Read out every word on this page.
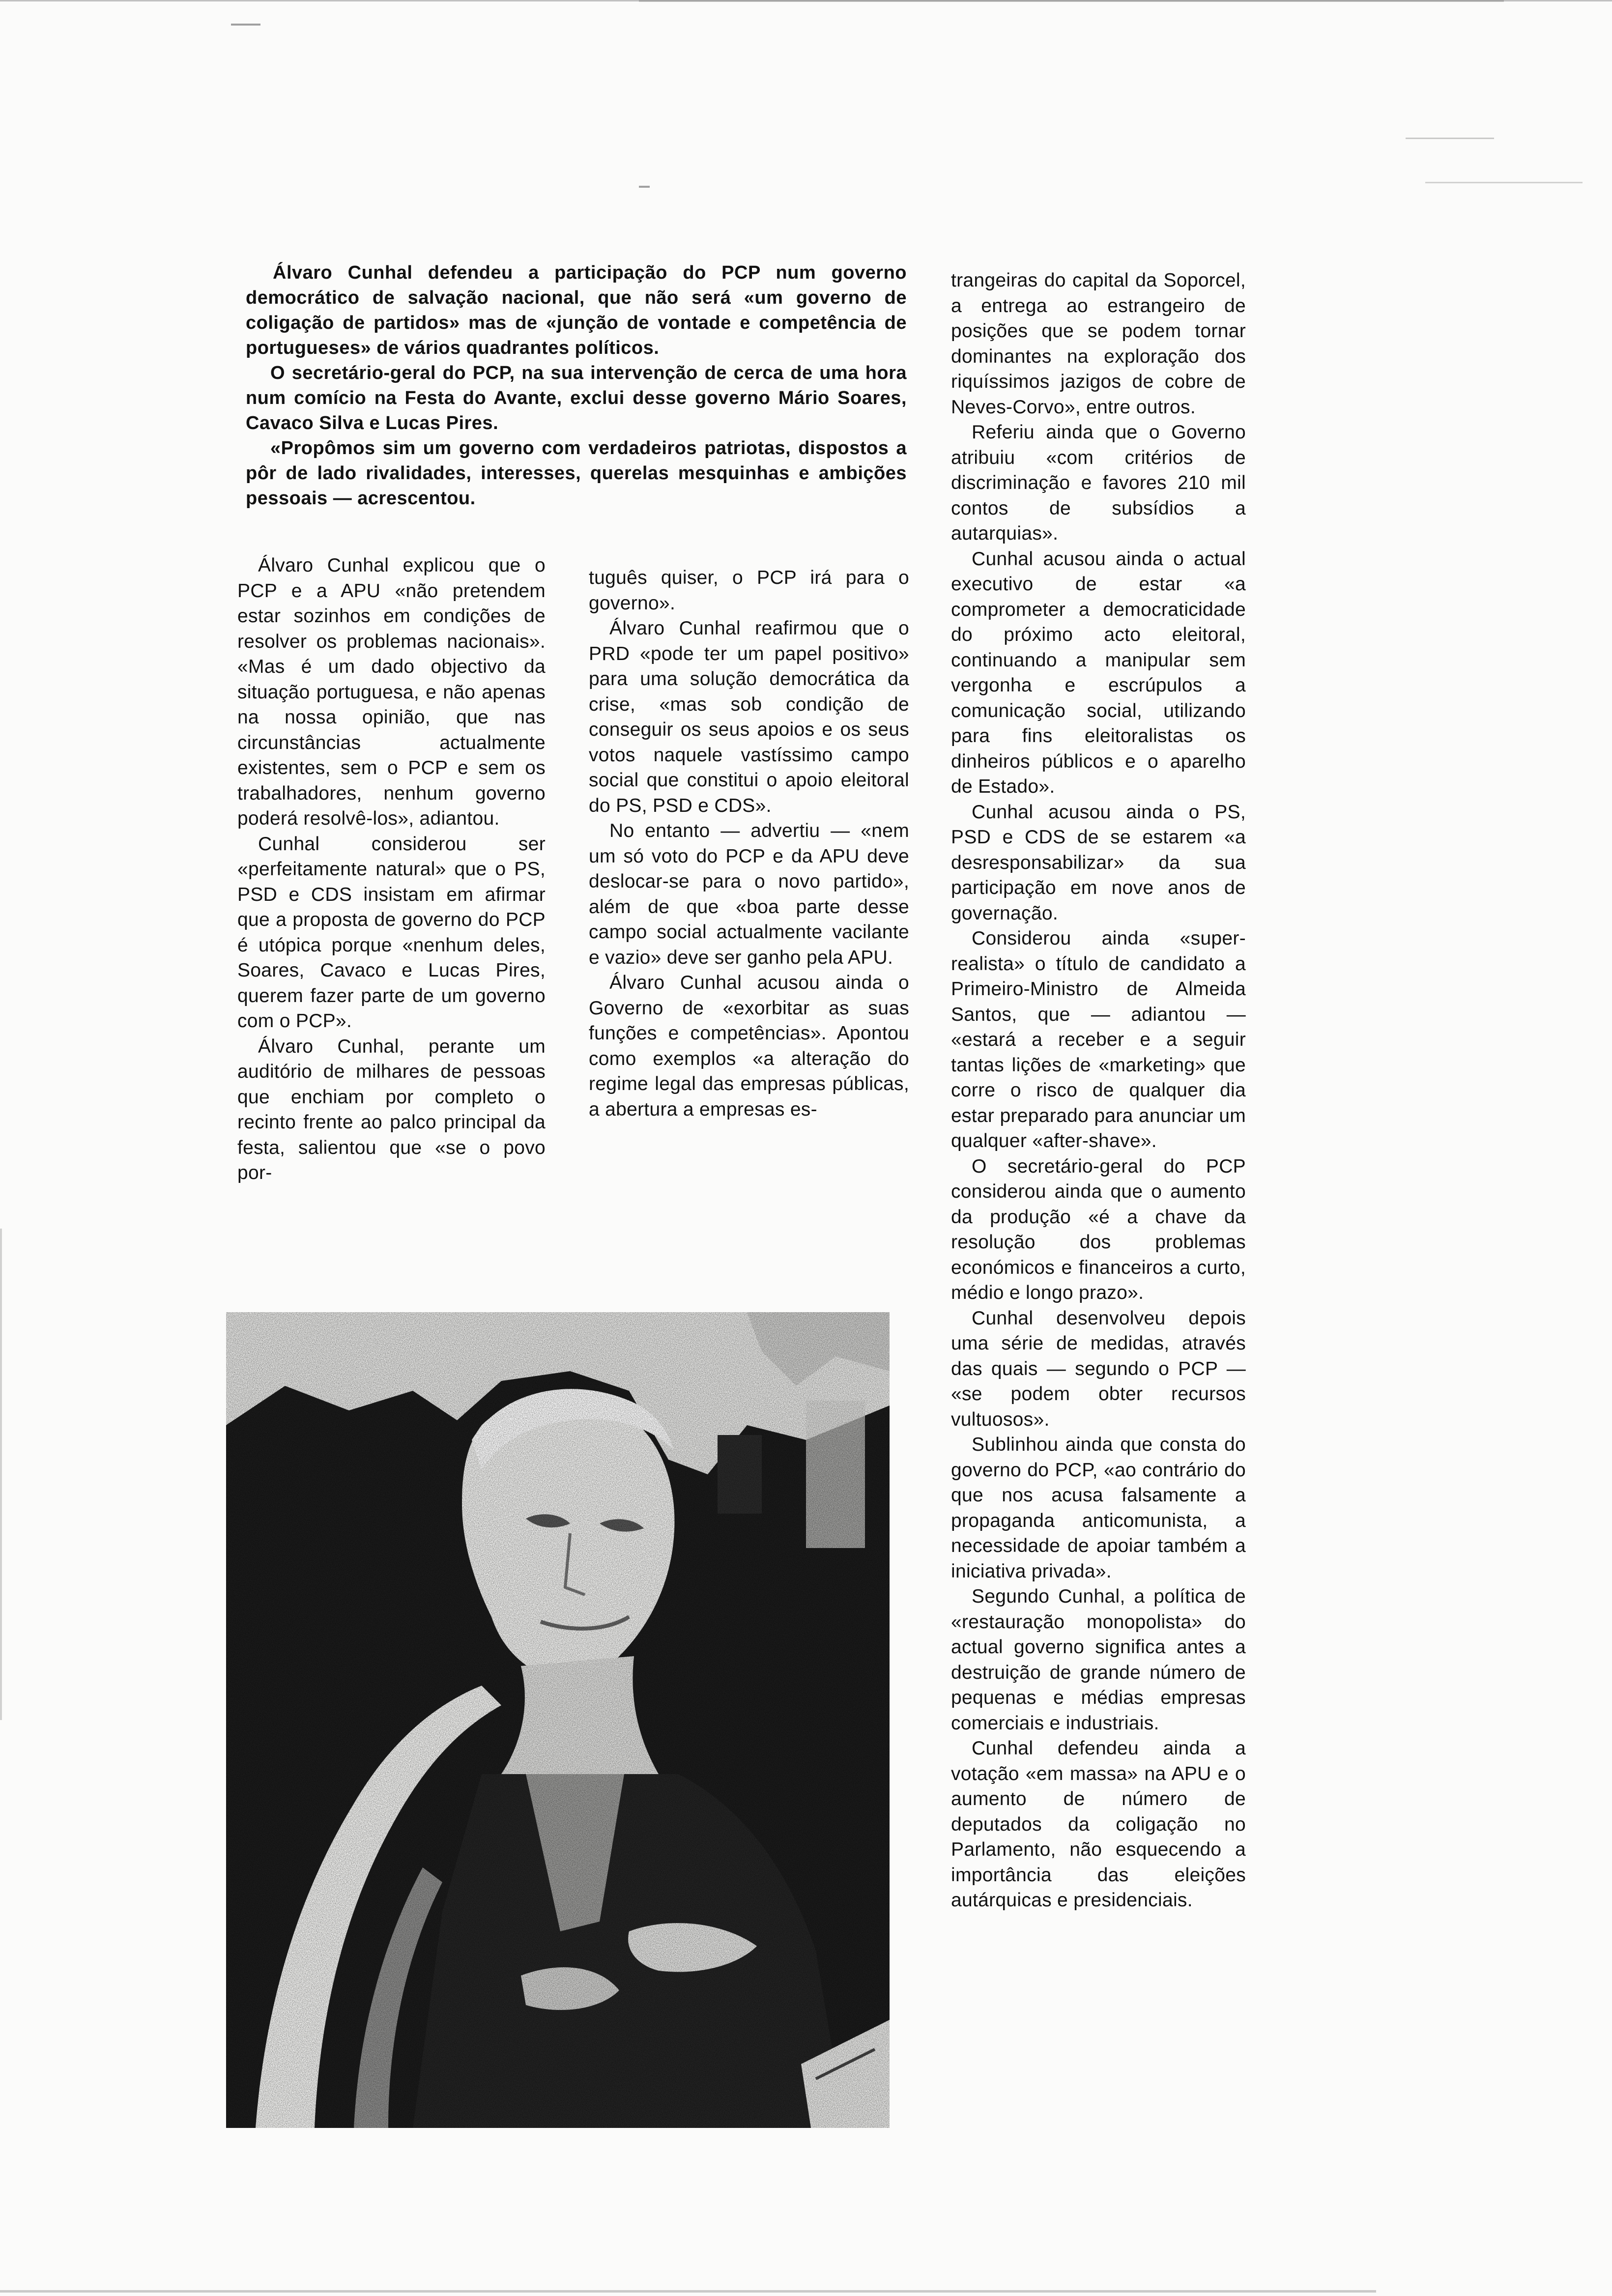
Álvaro Cunhal defendeu a participação do PCP num governo democrático de salvação nacional, que não será «um governo de coligação de partidos» mas de «junção de vontade e competência de portugueses» de vários quadrantes políticos.

O secretário-geral do PCP, na sua intervenção de cerca de uma hora num comício na Festa do Avante, exclui desse governo Mário Soares, Cavaco Silva e Lucas Pires.

«Propômos sim um governo com verdadeiros patriotas, dispostos a pôr de lado rivalidades, interesses, querelas mesquinhas e ambições pessoais — acrescentou.

Álvaro Cunhal explicou que o PCP e a APU «não pretendem estar sozinhos em condições de resolver os problemas nacionais». «Mas é um dado objectivo da situação portuguesa, e não apenas na nossa opinião, que nas circunstâncias actualmente existentes, sem o PCP e sem os trabalhadores, nenhum governo poderá resolvê-los», adiantou.

Cunhal considerou ser «perfeitamente natural» que o PS, PSD e CDS insistam em afirmar que a proposta de governo do PCP é utópica porque «nenhum deles, Soares, Cavaco e Lucas Pires, querem fazer parte de um governo com o PCP».

Álvaro Cunhal, perante um auditório de milhares de pessoas que enchiam por completo o recinto frente ao palco principal da festa, salientou que «se o povo por-

tuguês quiser, o PCP irá para o governo».

Álvaro Cunhal reafirmou que o PRD «pode ter um papel positivo» para uma solução democrática da crise, «mas sob condição de conseguir os seus apoios e os seus votos naquele vastíssimo campo social que constitui o apoio eleitoral do PS, PSD e CDS».

No entanto — advertiu — «nem um só voto do PCP e da APU deve deslocar-se para o novo partido», além de que «boa parte desse campo social actualmente vacilante e vazio» deve ser ganho pela APU.

Álvaro Cunhal acusou ainda o Governo de «exorbitar as suas funções e competências». Apontou como exemplos «a alteração do regime legal das empresas públicas, a abertura a empresas es-

trangeiras do capital da Soporcel, a entrega ao estrangeiro de posições que se podem tornar dominantes na exploração dos riquíssimos jazigos de cobre de Neves-Corvo», entre outros.

Referiu ainda que o Governo atribuiu «com critérios de discriminação e favores 210 mil contos de subsídios a autarquias».

Cunhal acusou ainda o actual executivo de estar «a comprometer a democraticidade do próximo acto eleitoral, continuando a manipular sem vergonha e escrúpulos a comunicação social, utilizando para fins eleitoralistas os dinheiros públicos e o aparelho de Estado».

Cunhal acusou ainda o PS, PSD e CDS de se estarem «a desresponsabilizar» da sua participação em nove anos de governação.

Considerou ainda «super-realista» o título de candidato a Primeiro-Ministro de Almeida Santos, que — adiantou — «estará a receber e a seguir tantas lições de «marketing» que corre o risco de qualquer dia estar preparado para anunciar um qualquer «after-shave».

O secretário-geral do PCP considerou ainda que o aumento da produção «é a chave da resolução dos problemas económicos e financeiros a curto, médio e longo prazo».

Cunhal desenvolveu depois uma série de medidas, através das quais — segundo o PCP — «se podem obter recursos vultuosos».

Sublinhou ainda que consta do governo do PCP, «ao contrário do que nos acusa falsamente a propaganda anticomunista, a necessidade de apoiar também a iniciativa privada».

Segundo Cunhal, a política de «restauração monopolista» do actual governo significa antes a destruição de grande número de pequenas e médias empresas comerciais e industriais.

Cunhal defendeu ainda a votação «em massa» na APU e o aumento de número de deputados da coligação no Parlamento, não esquecendo a importância das eleições autárquicas e presidenciais.
